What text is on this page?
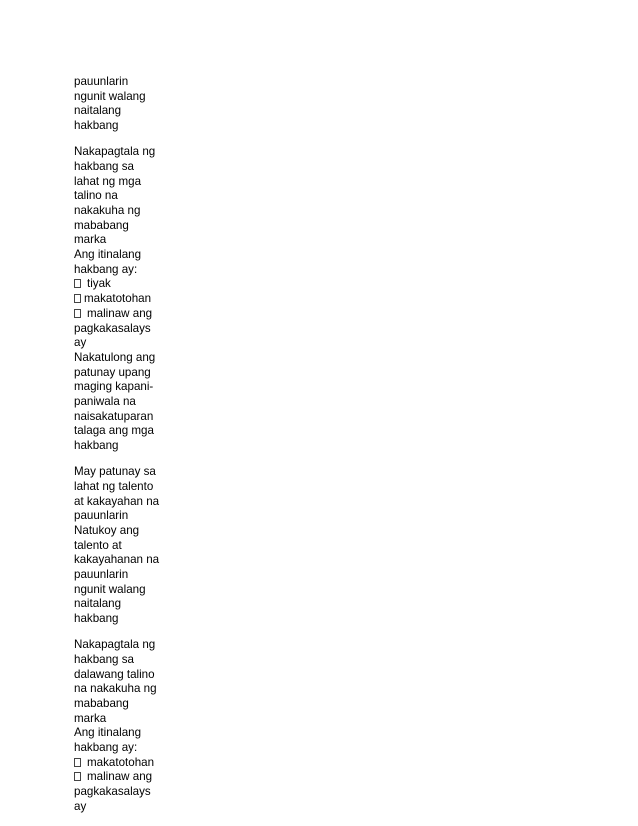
pauunlarin
ngunit walang
naitalang
hakbang
Nakapagtala ng
hakbang sa
lahat ng mga
talino na
nakakuha ng
mababang
marka
Ang itinalang
hakbang ay:
tiyak
makatotohan
malinaw ang
pagkakasalays
ay
Nakatulong ang
patunay upang
maging kapani-
paniwala na
naisakatuparan
talaga ang mga
hakbang
May patunay sa
lahat ng talento
at kakayahan na
pauunlarin
Natukoy ang
talento at
kakayahanan na
pauunlarin
ngunit walang
naitalang
hakbang
Nakapagtala ng
hakbang sa
dalawang talino
na nakakuha ng
mababang
marka
Ang itinalang
hakbang ay:
makatotohan
malinaw ang
pagkakasalays
ay
